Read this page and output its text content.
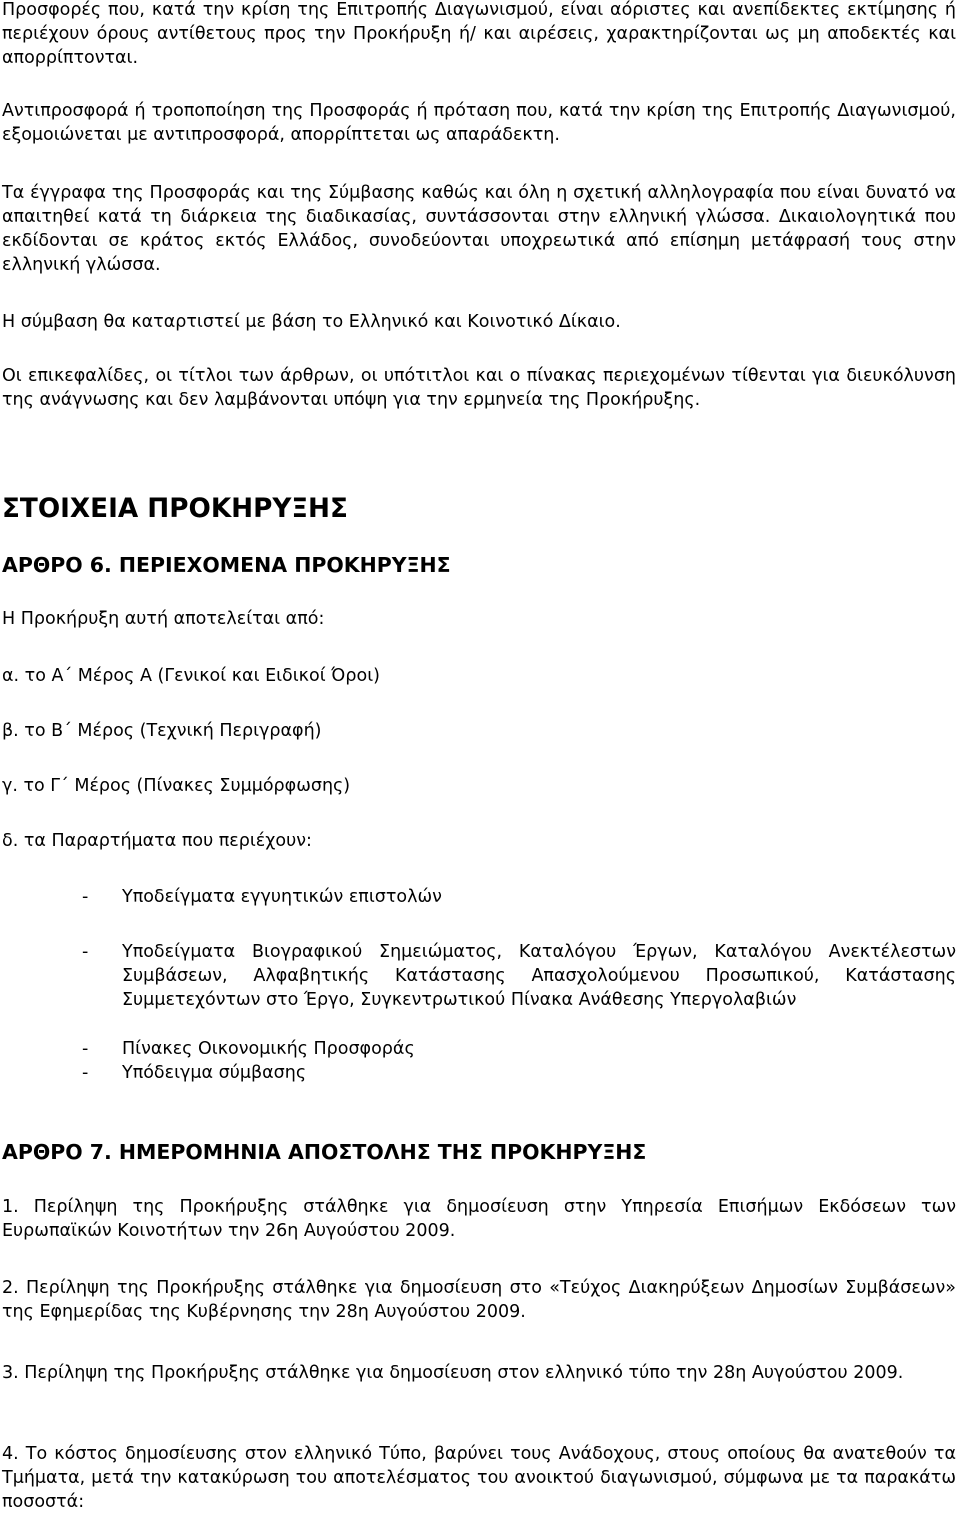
Προσφορές που, κατά την κρίση της Επιτροπής Διαγωνισμού, είναι αόριστες και ανεπίδεκτες εκτίμησης ή περιέχουν όρους αντίθετους προς την Προκήρυξη ή/ και αιρέσεις, χαρακτηρίζονται ως μη αποδεκτές και απορρίπτονται.

Αντιπροσφορά ή τροποποίηση της Προσφοράς ή πρόταση που, κατά την κρίση της Επιτροπής Διαγωνισμού, εξομοιώνεται με αντιπροσφορά, απορρίπτεται ως απαράδεκτη.

Τα έγγραφα της Προσφοράς και της Σύμβασης καθώς και όλη η σχετική αλληλογραφία που είναι δυνατό να απαιτηθεί κατά τη διάρκεια της διαδικασίας, συντάσσονται στην ελληνική γλώσσα. Δικαιολογητικά που εκδίδονται σε κράτος εκτός Ελλάδος, συνοδεύονται υποχρεωτικά από επίσημη μετάφρασή τους στην ελληνική γλώσσα.

Η σύμβαση θα καταρτιστεί με βάση το Ελληνικό και Κοινοτικό Δίκαιο.

Οι επικεφαλίδες, οι τίτλοι των άρθρων, οι υπότιτλοι και ο πίνακας περιεχομένων τίθενται για διευκόλυνση της ανάγνωσης και δεν λαμβάνονται υπόψη για την ερμηνεία της Προκήρυξης.

ΣΤΟΙΧΕΙΑ ΠΡΟΚΗΡΥΞΗΣ
ΑΡΘΡΟ 6. ΠΕΡΙΕΧΟΜΕΝΑ ΠΡΟΚΗΡΥΞΗΣ

Η Προκήρυξη αυτή αποτελείται από:

α. το Α΄ Μέρος Α (Γενικοί και Ειδικοί Όροι)

β. το Β΄ Μέρος (Τεχνική Περιγραφή)

γ. το Γ΄ Μέρος (Πίνακες Συμμόρφωσης)

δ. τα Παραρτήματα που περιέχουν:

- Υποδείγματα εγγυητικών επιστολών

- Υποδείγματα Βιογραφικού Σημειώματος, Καταλόγου Έργων, Καταλόγου Ανεκτέλεστων Συμβάσεων, Αλφαβητικής Κατάστασης Απασχολούμενου Προσωπικού, Κατάστασης Συμμετεχόντων στο Έργο, Συγκεντρωτικού Πίνακα Ανάθεσης Υπεργολαβιών

- Πίνακες Οικονομικής Προσφοράς

- Υπόδειγμα σύμβασης

ΑΡΘΡΟ 7. ΗΜΕΡΟΜΗΝΙΑ ΑΠΟΣΤΟΛΗΣ ΤΗΣ ΠΡΟΚΗΡΥΞΗΣ

1. Περίληψη της Προκήρυξης στάλθηκε για δημοσίευση στην Υπηρεσία Επισήμων Εκδόσεων των Ευρωπαϊκών Κοινοτήτων την 26η Αυγούστου 2009.

2. Περίληψη της Προκήρυξης στάλθηκε για δημοσίευση στο «Τεύχος Διακηρύξεων Δημοσίων Συμβάσεων» της Εφημερίδας της Κυβέρνησης την 28η Αυγούστου 2009.

3. Περίληψη της Προκήρυξης στάλθηκε για δημοσίευση στον ελληνικό τύπο την 28η Αυγούστου 2009.

4. Το κόστος δημοσίευσης στον ελληνικό Τύπο, βαρύνει τους Ανάδοχους, στους οποίους θα ανατεθούν τα Τμήματα, μετά την κατακύρωση του αποτελέσματος του ανοικτού διαγωνισμού, σύμφωνα με τα παρακάτω ποσοστά:
